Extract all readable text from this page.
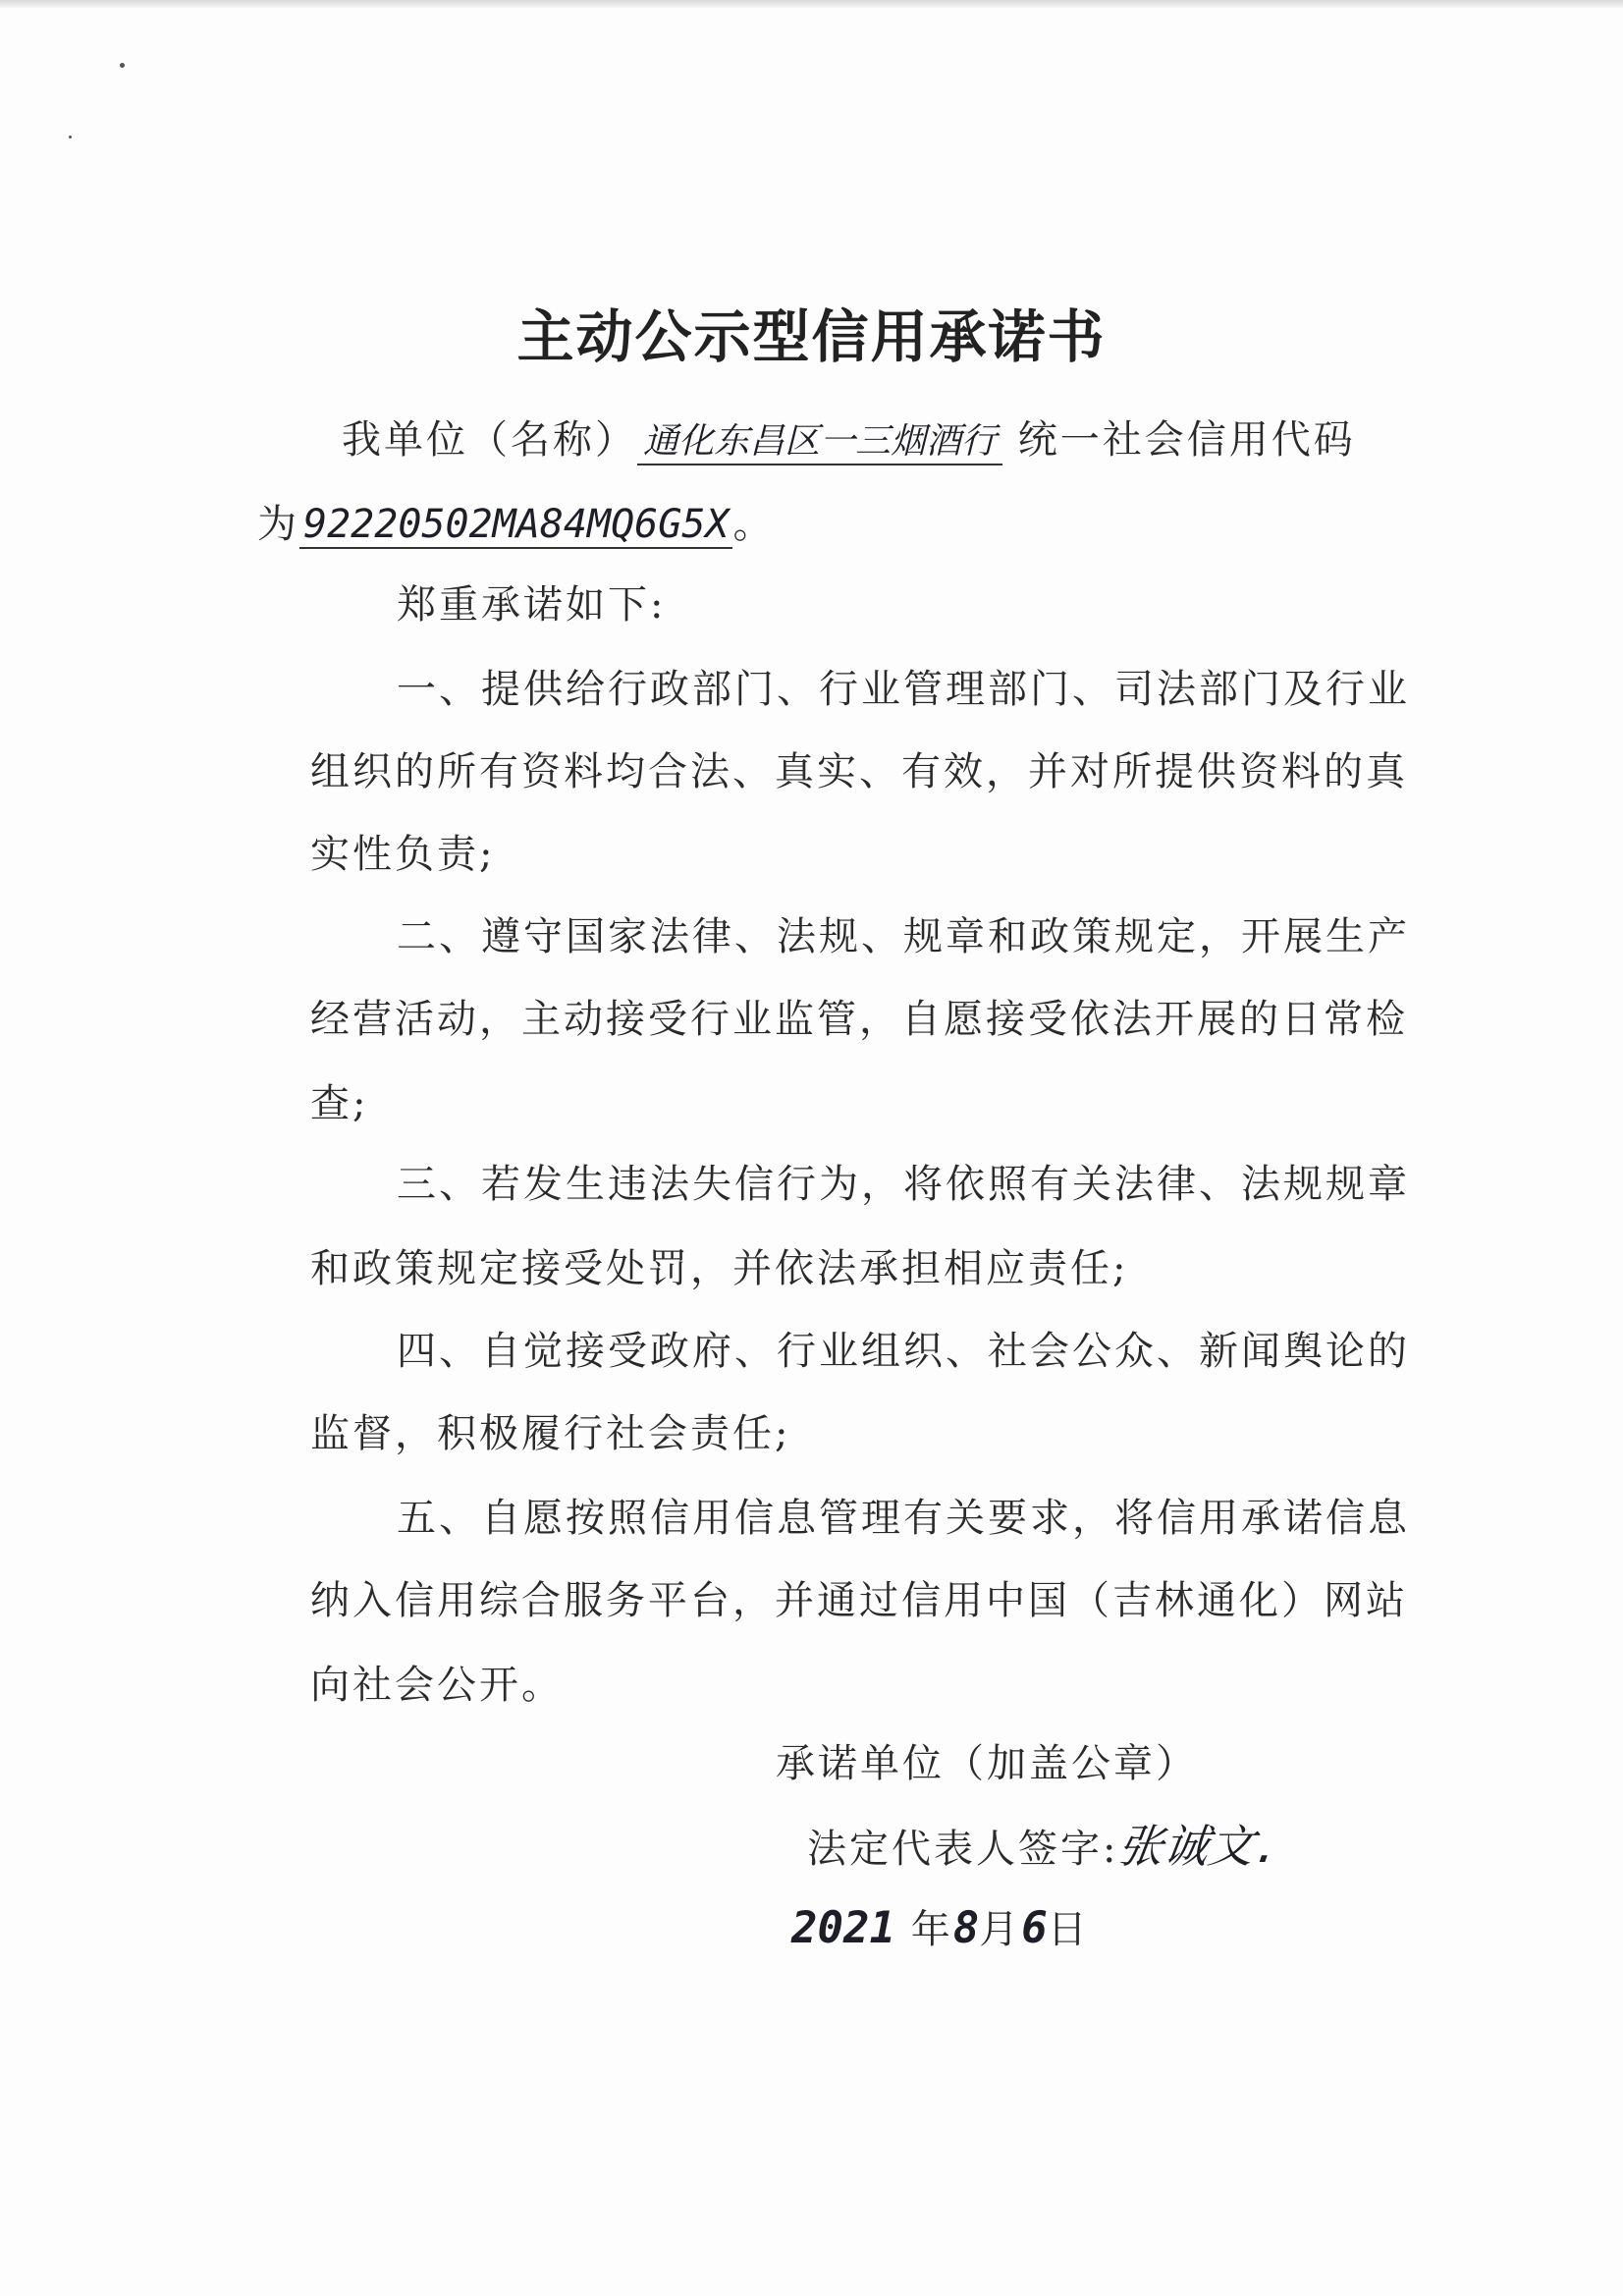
主动公示型信用承诺书
我单位（名称） 通化东昌区一三烟酒行 统一社会信用代码
为 92220502MA84MQ6G5X 。
郑重承诺如下:
一、提供给行政部门、行业管理部门、司法部门及行业
组织的所有资料均合法、真实、有效，并对所提供资料的真
实性负责;
二、遵守国家法律、法规、规章和政策规定，开展生产
经营活动，主动接受行业监管，自愿接受依法开展的日常检
查;
三、若发生违法失信行为，将依照有关法律、法规规章
和政策规定接受处罚，并依法承担相应责任;
四、自觉接受政府、行业组织、社会公众、新闻舆论的
监督，积极履行社会责任;
五、自愿按照信用信息管理有关要求，将信用承诺信息
纳入信用综合服务平台，并通过信用中国（吉林通化）网站
向社会公开。
承诺单位（加盖公章）
法定代表人签字:张诚文.
2021 年8月6日
